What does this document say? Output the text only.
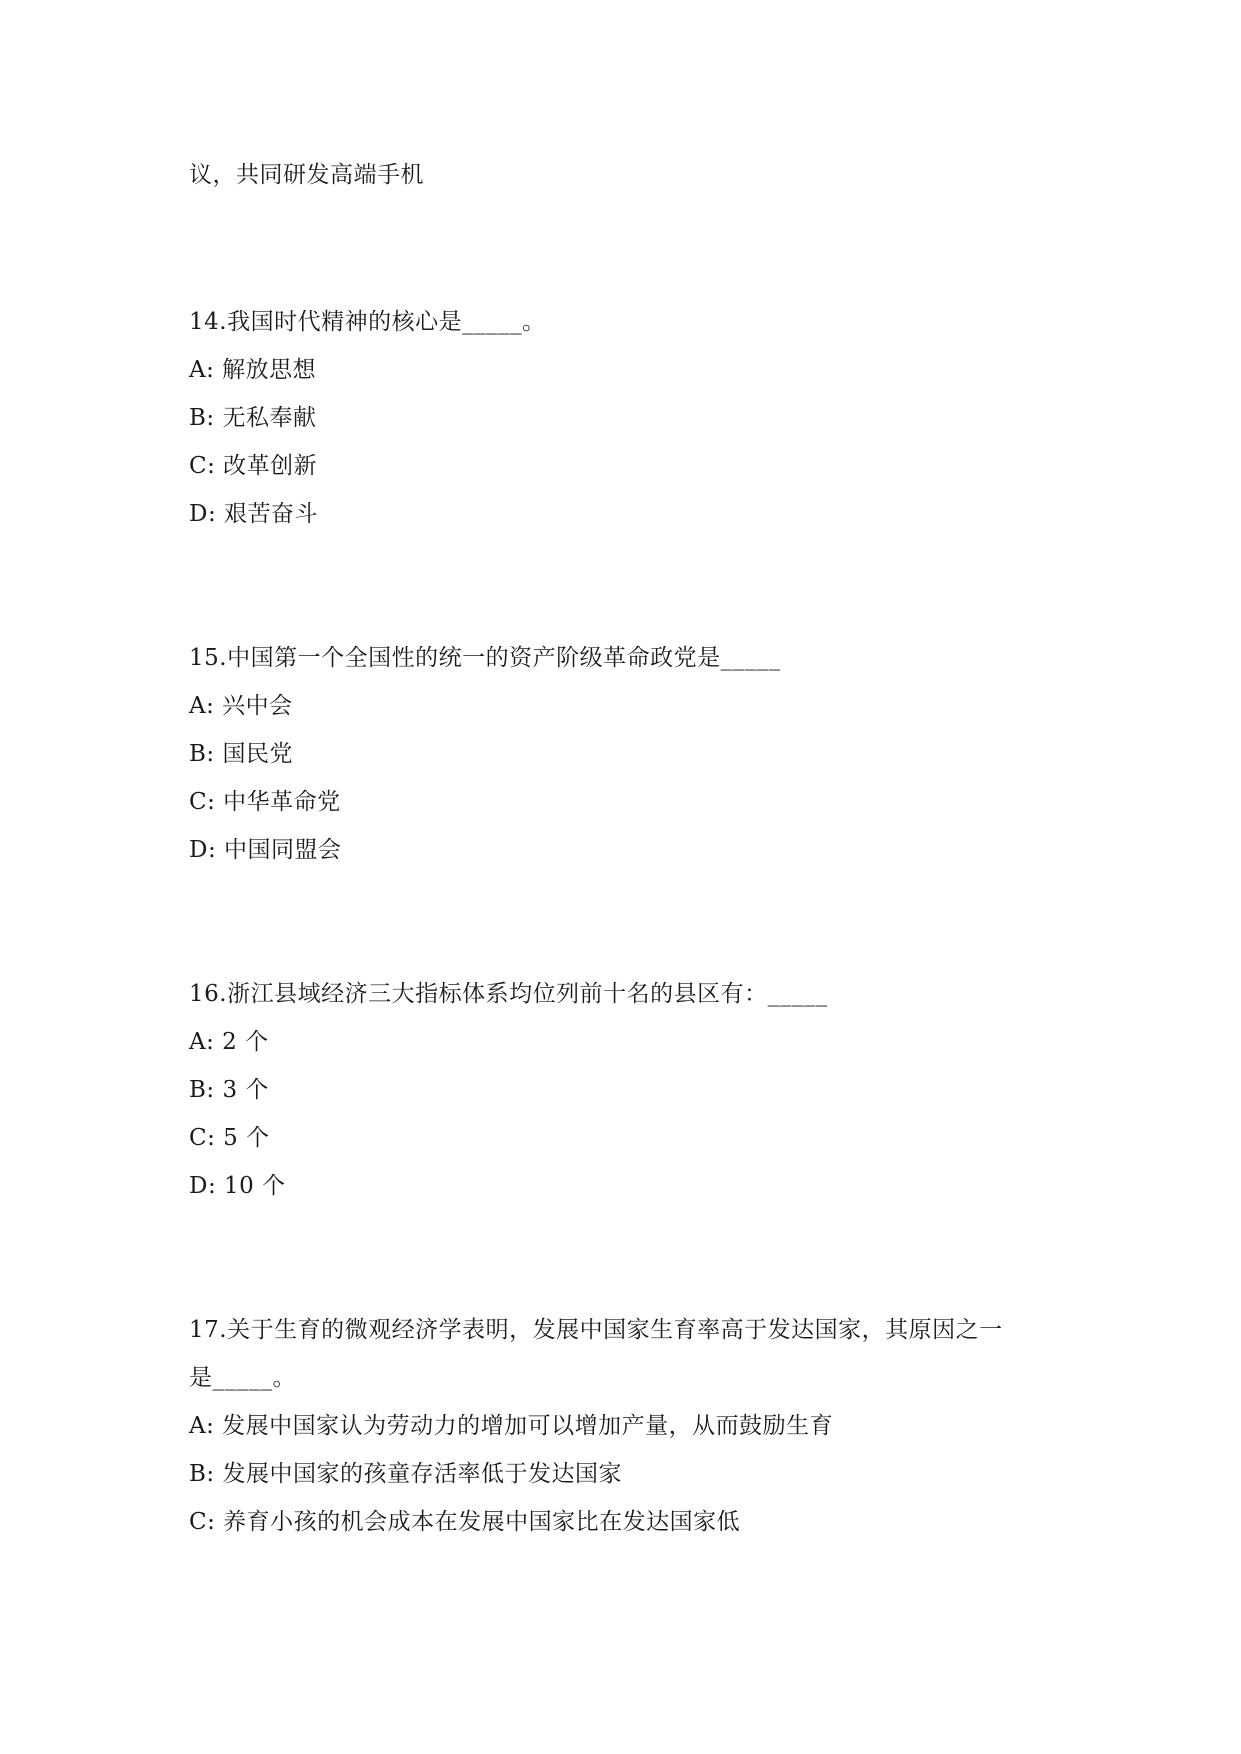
议，共同研发高端手机
14.我国时代精神的核心是_____。
A: 解放思想
B: 无私奉献
C: 改革创新
D: 艰苦奋斗
15.中国第一个全国性的统一的资产阶级革命政党是_____
A: 兴中会
B: 国民党
C: 中华革命党
D: 中国同盟会
16.浙江县域经济三大指标体系均位列前十名的县区有：_____
A: 2 个
B: 3 个
C: 5 个
D: 10 个
17.关于生育的微观经济学表明，发展中国家生育率高于发达国家，其原因之一
是_____。
A: 发展中国家认为劳动力的增加可以增加产量，从而鼓励生育
B: 发展中国家的孩童存活率低于发达国家
C: 养育小孩的机会成本在发展中国家比在发达国家低
